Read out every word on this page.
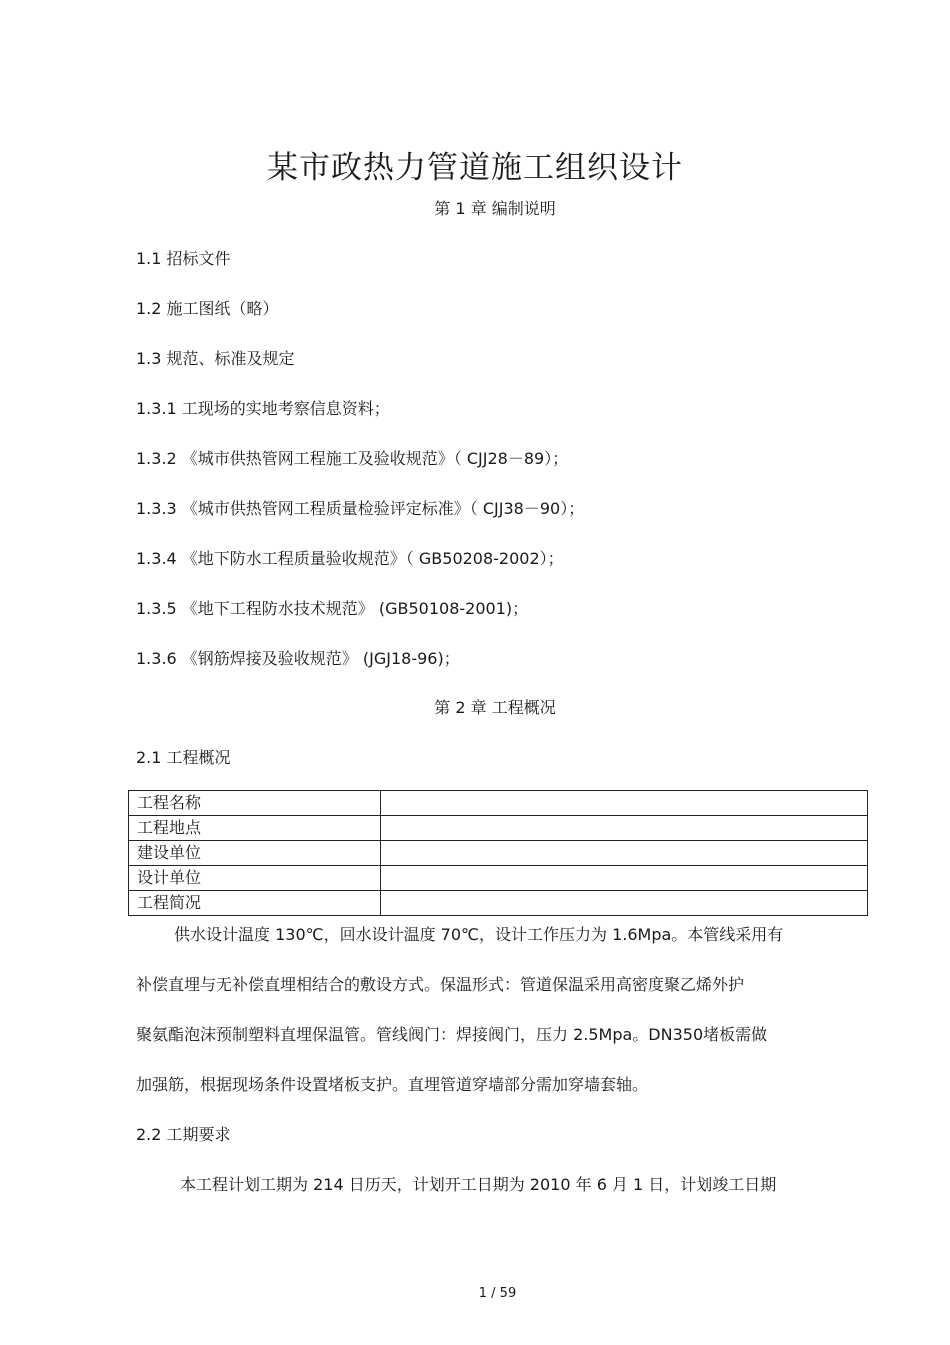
某市政热力管道施工组织设计
第 1 章 编制说明
1.1 招标文件
1.2 施工图纸（略）
1.3 规范、标准及规定
1.3.1 工现场的实地考察信息资料；
1.3.2 《城市供热管网工程施工及验收规范》（ CJJ28－89）；
1.3.3 《城市供热管网工程质量检验评定标准》（ CJJ38－90）；
1.3.4 《地下防水工程质量验收规范》（ GB50208-2002）；
1.3.5 《地下工程防水技术规范》 (GB50108-2001)；
1.3.6 《钢筋焊接及验收规范》 (JGJ18-96)；
第 2 章 工程概况
2.1 工程概况
工程名称	
工程地点	
建设单位	
设计单位	
工程简况	
供水设计温度 130℃，回水设计温度 70℃，设计工作压力为 1.6Mpa。本管线采用有
补偿直埋与无补偿直埋相结合的敷设方式。保温形式：管道保温采用高密度聚乙烯外护
聚氨酯泡沫预制塑料直埋保温管。管线阀门：焊接阀门，压力 2.5Mpa。DN350堵板需做
加强筋，根据现场条件设置堵板支护。直埋管道穿墙部分需加穿墙套轴。
2.2 工期要求
本工程计划工期为 214 日历天，计划开工日期为 2010 年 6 月 1 日，计划竣工日期
1 / 59
